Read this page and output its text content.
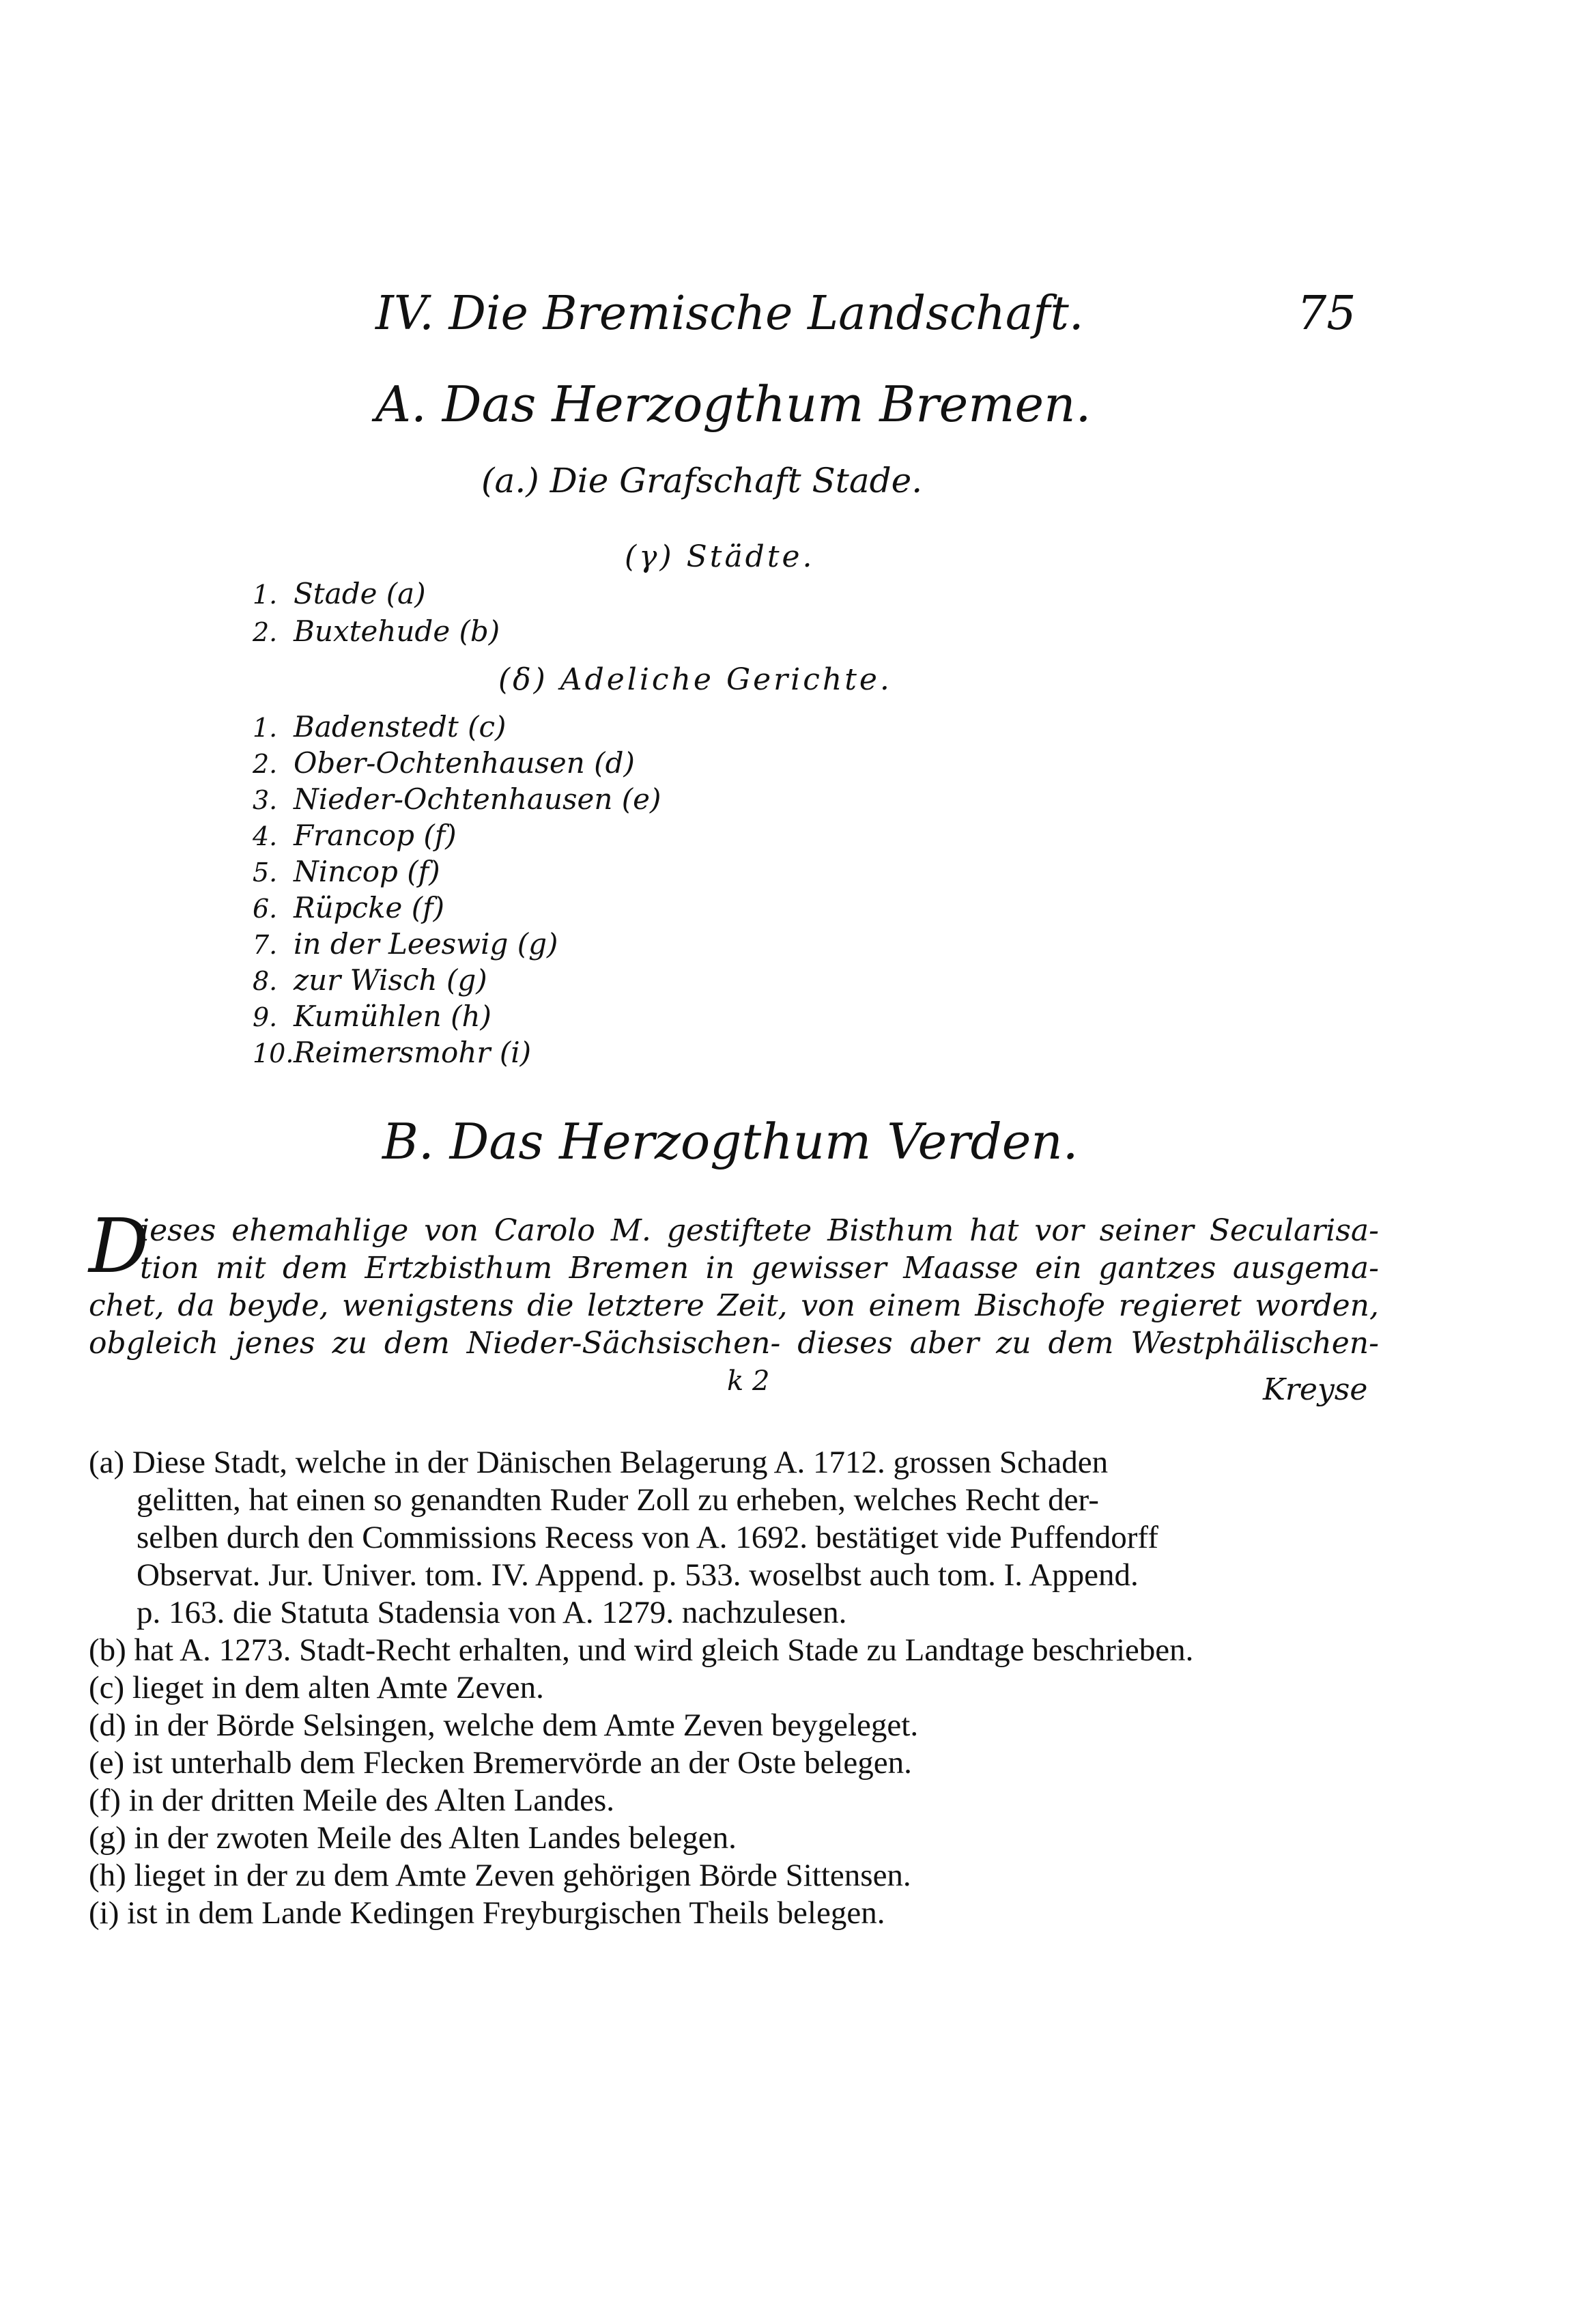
IV. Die Bremische Landschaft.	75
A. Das Herzogthum Bremen.
(a.) Die Grafschaft Stade.
(γ) Städte.
1. Stade (a)
2. Buxtehude (b)
(δ) Adeliche Gerichte.
1. Badenstedt (c)
2. Ober-Ochtenhausen (d)
3. Nieder-Ochtenhausen (e)
4. Francop (f)
5. Nincop (f)
6. Rüpcke (f)
7. in der Leeswig (g)
8. zur Wisch (g)
9. Kumühlen (h)
10.Reimersmohr (i)
B. Das Herzogthum Verden.
D
ieses ehemahlige von Carolo M. gestiftete Bisthum hat vor seiner Secularisa-
tion mit dem Ertzbisthum Bremen in gewisser Maasse ein gantzes ausgema-
chet, da beyde, wenigstens die letztere Zeit, von einem Bischofe regieret worden,
obgleich jenes zu dem Nieder-Sächsischen- dieses aber zu dem Westphälischen-
k 2	Kreyse
(a) Diese Stadt, welche in der Dänischen Belagerung A. 1712. grossen Schaden
gelitten, hat einen so genandten Ruder Zoll zu erheben, welches Recht der-
selben durch den Commissions Recess von A. 1692. bestätiget vide Puffendorff
Observat. Jur. Univer. tom. IV. Append. p. 533. woselbst auch tom. I. Append.
p. 163. die Statuta Stadensia von A. 1279. nachzulesen.
(b) hat A. 1273. Stadt-Recht erhalten, und wird gleich Stade zu Landtage beschrieben.
(c) lieget in dem alten Amte Zeven.
(d) in der Börde Selsingen, welche dem Amte Zeven beygeleget.
(e) ist unterhalb dem Flecken Bremervörde an der Oste belegen.
(f) in der dritten Meile des Alten Landes.
(g) in der zwoten Meile des Alten Landes belegen.
(h) lieget in der zu dem Amte Zeven gehörigen Börde Sittensen.
(i) ist in dem Lande Kedingen Freyburgischen Theils belegen.
